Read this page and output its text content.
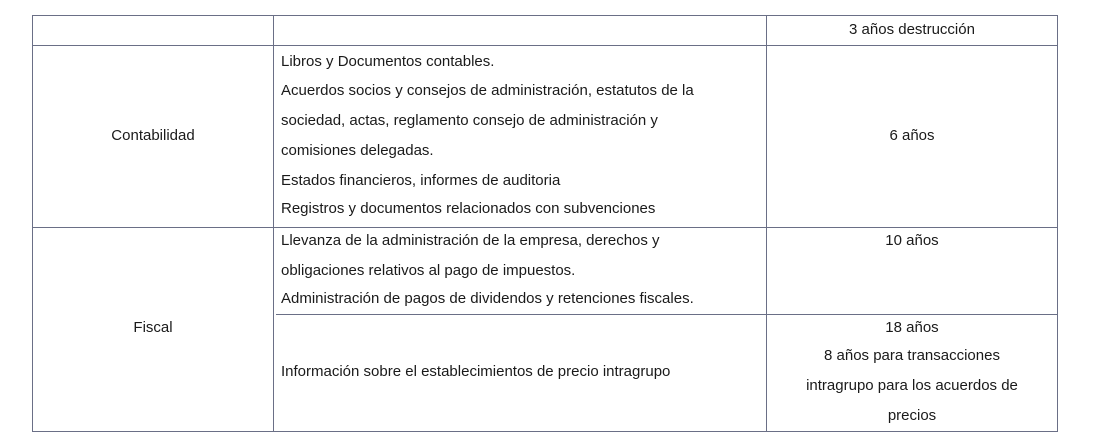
3 años destrucción
Contabilidad
Libros y Documentos contables.
Acuerdos socios y consejos de administración, estatutos de la
sociedad, actas, reglamento consejo de administración y
comisiones delegadas.
Estados financieros, informes de auditoria
Registros y documentos relacionados con subvenciones
6 años
Fiscal
Llevanza de la administración de la empresa, derechos y
obligaciones relativos al pago de impuestos.
Administración de pagos de dividendos y retenciones fiscales.
10 años
Información sobre el establecimientos de precio intragrupo
18 años
8 años para transacciones
intragrupo para los acuerdos de
precios
